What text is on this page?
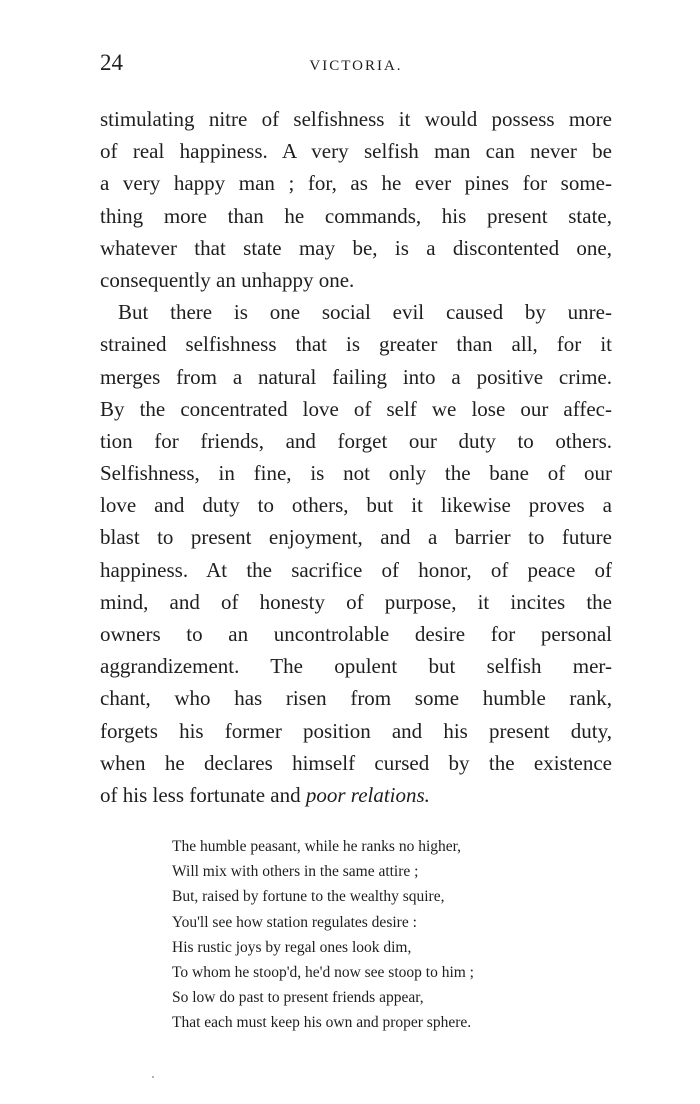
24	VICTORIA.
stimulating nitre of selfishness it would possess more
of real happiness. A very selfish man can never be
a very happy man ; for, as he ever pines for some-
thing more than he commands, his present state,
whatever that state may be, is a discontented one,
consequently an unhappy one.
But there is one social evil caused by unre-
strained selfishness that is greater than all, for it
merges from a natural failing into a positive crime.
By the concentrated love of self we lose our affec-
tion for friends, and forget our duty to others.
Selfishness, in fine, is not only the bane of our
love and duty to others, but it likewise proves a
blast to present enjoyment, and a barrier to future
happiness. At the sacrifice of honor, of peace of
mind, and of honesty of purpose, it incites the
owners to an uncontrolable desire for personal
aggrandizement. The opulent but selfish mer-
chant, who has risen from some humble rank,
forgets his former position and his present duty,
when he declares himself cursed by the existence
of his less fortunate and poor relations.
The humble peasant, while he ranks no higher,
Will mix with others in the same attire ;
But, raised by fortune to the wealthy squire,
You'll see how station regulates desire :
His rustic joys by regal ones look dim,
To whom he stoop'd, he'd now see stoop to him ;
So low do past to present friends appear,
That each must keep his own and proper sphere.
